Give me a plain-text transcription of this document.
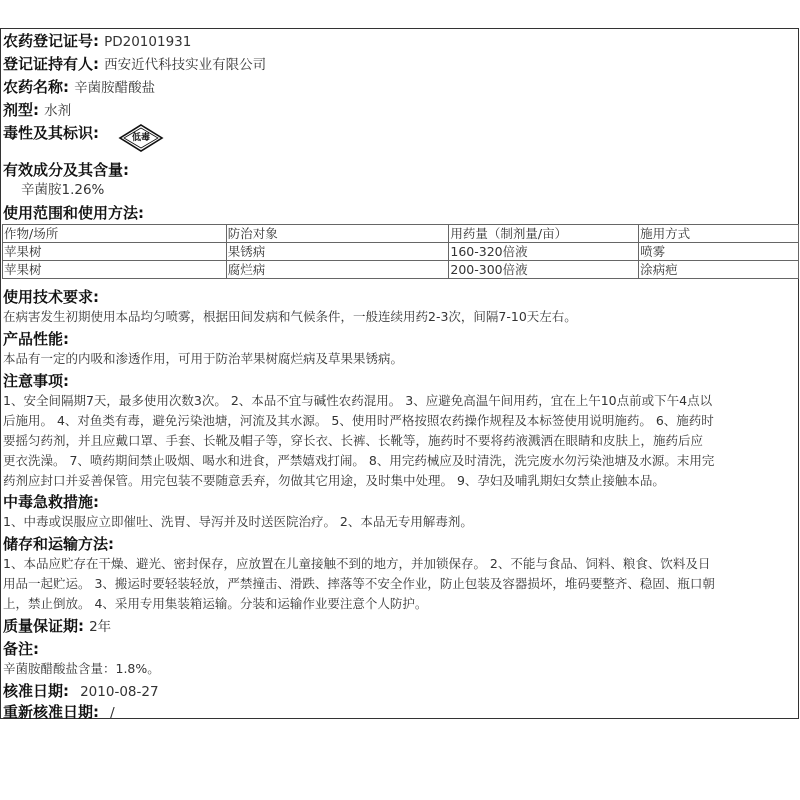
农药登记证号: PD20101931
登记证持有人: 西安近代科技实业有限公司
农药名称: 辛菌胺醋酸盐
剂型: 水剂
毒性及其标识:	低毒
有效成分及其含量:
辛菌胺1.26%
使用范围和使用方法:
作物/场所	防治对象	用药量（制剂量/亩）	施用方式
苹果树	果锈病	160-320倍液	喷雾
苹果树	腐烂病	200-300倍液	涂病疤
使用技术要求:
在病害发生初期使用本品均匀喷雾，根据田间发病和气候条件，一般连续用药2-3次，间隔7-10天左右。
产品性能:
本品有一定的内吸和渗透作用，可用于防治苹果树腐烂病及草果果锈病。
注意事项:
1、安全间隔期7天，最多使用次数3次。 2、本品不宜与碱性农药混用。 3、应避免高温午间用药，宜在上午10点前或下午4点以
后施用。 4、对鱼类有毒，避免污染池塘，河流及其水源。 5、使用时严格按照农药操作规程及本标签使用说明施药。 6、施药时
要摇匀药剂，并且应戴口罩、手套、长靴及帽子等，穿长衣、长裤、长靴等，施药时不要将药液溅洒在眼睛和皮肤上，施药后应
更衣洗澡。 7、喷药期间禁止吸烟、喝水和进食，严禁嬉戏打闹。 8、用完药械应及时清洗，洗完废水勿污染池塘及水源。末用完
药剂应封口并妥善保管。用完包装不要随意丢弃，勿做其它用途，及时集中处理。 9、孕妇及哺乳期妇女禁止接触本品。
中毒急救措施:
1、中毒或误服应立即催吐、洗胃、导泻并及时送医院治疗。 2、本品无专用解毒剂。
储存和运输方法:
1、本品应贮存在干燥、避光、密封保存，应放置在儿童接触不到的地方，并加锁保存。 2、不能与食品、饲料、粮食、饮料及日
用品一起贮运。 3、搬运时要轻装轻放，严禁撞击、滑跌、摔落等不安全作业，防止包装及容器损坏，堆码要整齐、稳固、瓶口朝
上，禁止倒放。 4、采用专用集装箱运输。分装和运输作业要注意个人防护。
质量保证期: 2年
备注:
辛菌胺醋酸盐含量：1.8%。
核准日期: 2010-08-27
重新核准日期: /
